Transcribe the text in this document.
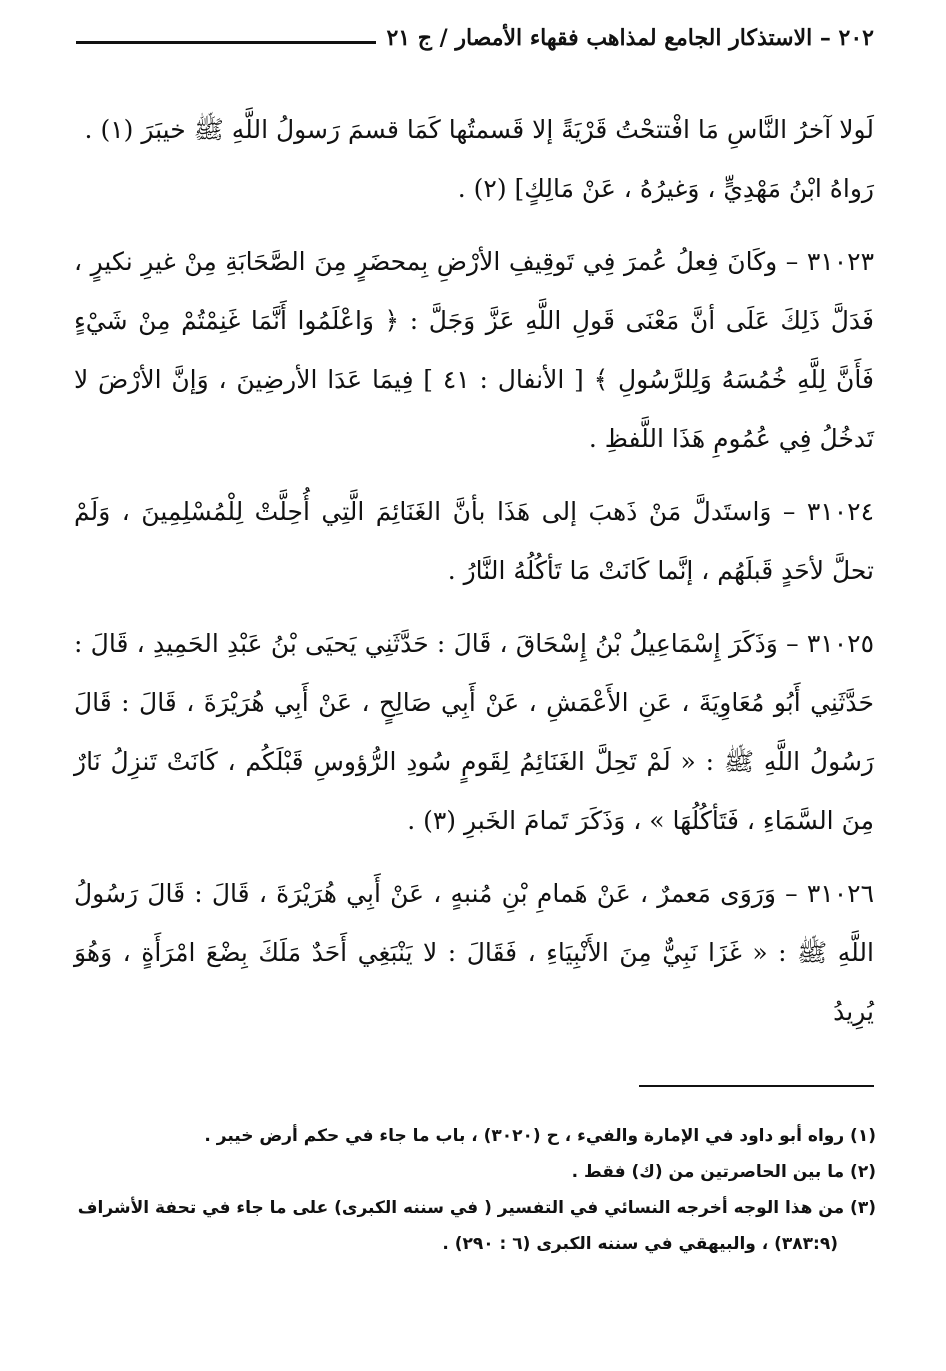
٢٠٢ – الاستذكار الجامع لمذاهب فقهاء الأمصار / ج ٢١

لَولا آخرُ النَّاسِ مَا افْتتحْتُ قَرْيَةً إلا قَسمتُها كَمَا قسمَ رَسولُ اللَّهِ ﷺ خيبَرَ (١) .

رَواهُ ابْنُ مَهْدِيٍّ ، وَغيرُهُ ، عَنْ مَالِكٍ] (٢) .

٣١٠٢٣ – وكَانَ فِعلُ عُمرَ فِي تَوقِيفِ الأرْضِ بِمحضَرٍ مِنَ الصَّحَابَةِ مِنْ غيرِ نكيرٍ ، فَدَلَّ ذَلِكَ عَلَى أنَّ مَعْنَى قَولِ اللَّهِ عَزَّ وَجَلَّ : ﴿ وَاعْلَمُوا أَنَّمَا غَنِمْتُمْ مِنْ شَيْءٍ فَأَنَّ لِلَّهِ خُمُسَهُ وَلِلرَّسُولِ ﴾ [ الأنفال : ٤١ ] فِيمَا عَدَا الأرضِينَ ، وَإنَّ الأرْضَ لا تَدخُلُ فِي عُمُومِ هَذَا اللَّفظِ .

٣١٠٢٤ – وَاستَدلَّ مَنْ ذَهبَ إلى هَذَا بأنَّ الغَنَائِمَ الَّتِي أُحِلَّتْ لِلْمُسْلِمِينَ ، وَلَمْ تحلَّ لأحَدٍ قَبلَهُم ، إنَّما كَانَتْ مَا تَأكُلُهُ النَّارُ .

٣١٠٢٥ – وَذَكَرَ إِسْمَاعِيلُ بْنُ إِسْحَاقَ ، قَالَ : حَدَّثَنِي يَحيَى بْنُ عَبْدِ الحَمِيدِ ، قَالَ : حَدَّثَنِي أَبُو مُعَاوِيَةَ ، عَنِ الأَعْمَشِ ، عَنْ أَبِي صَالِحٍ ، عَنْ أَبِي هُرَيْرَةَ ، قَالَ : قَالَ رَسُولُ اللَّهِ ﷺ : « لَمْ تَحِلَّ الغَنَائِمُ لِقَومٍ سُودِ الرُّؤوسِ قَبْلَكُم ، كَانَتْ تَنزِلُ نَارٌ مِنَ السَّمَاءِ ، فَتَأكُلُهَا » ، وَذَكَرَ تَمامَ الخَبرِ (٣) .

٣١٠٢٦ – وَرَوَى مَعمرٌ ، عَنْ هَمامِ بْنِ مُنبهٍ ، عَنْ أَبِي هُرَيْرَةَ ، قَالَ : قَالَ رَسُولُ اللَّهِ ﷺ : « غَزَا نَبِيٌّ مِنَ الأَنْبِيَاءِ ، فَقَالَ : لا يَنْبَغِي أَحَدٌ مَلَكَ بِضْعَ امْرَأَةٍ ، وَهُوَ يُرِيدُ

(١) رواه أبو داود في الإمارة والفيء ، ح (٣٠٢٠) ، باب ما جاء في حكم أرض خيبر .

(٢) ما بين الحاصرتين من (ك) فقط .

(٣) من هذا الوجه أخرجه النسائي في التفسير ( في سننه الكبرى) على ما جاء في تحفة الأشراف

(٣٨٣:٩) ، والبيهقي في سننه الكبرى (٦ : ٢٩٠) .
